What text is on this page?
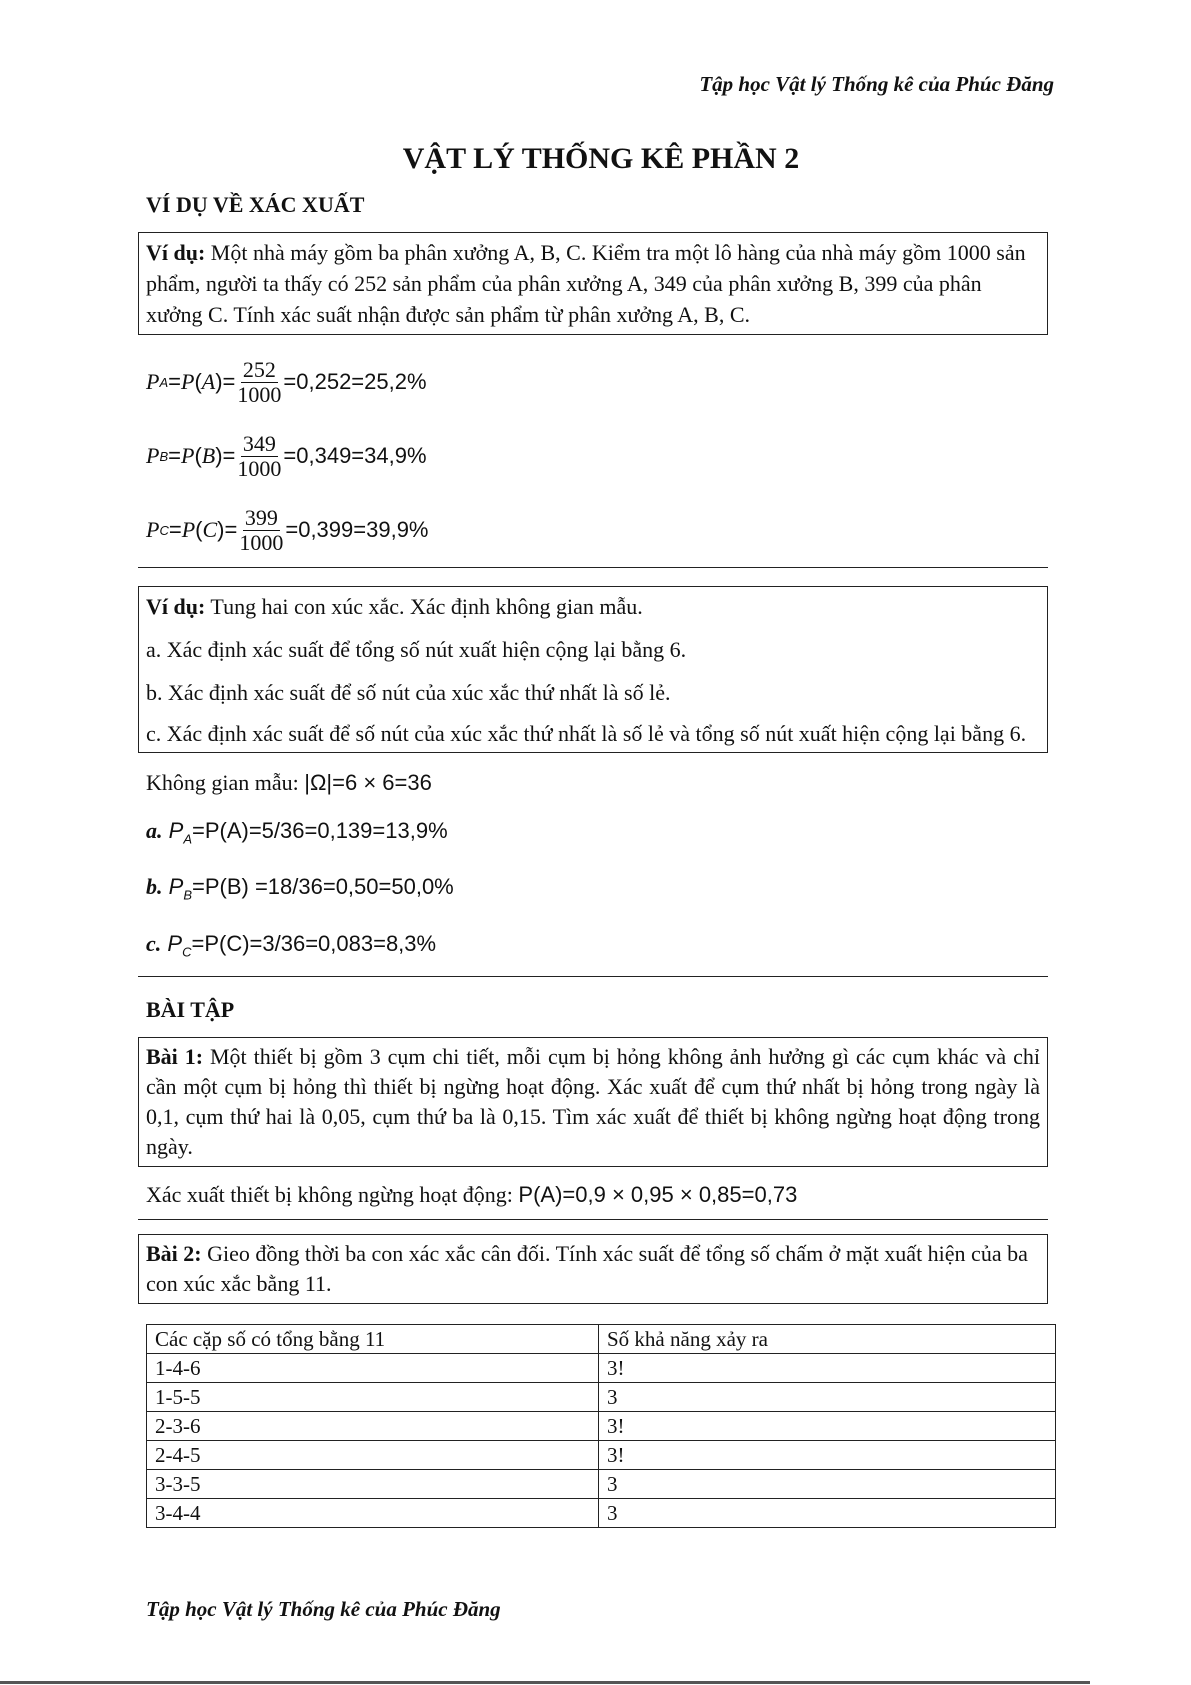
Tập học Vật lý Thống kê của Phúc Đăng
VẬT LÝ THỐNG KÊ PHẦN 2
VÍ DỤ VỀ XÁC XUẤT

Ví dụ: Một nhà máy gồm ba phân xưởng A, B, C. Kiểm tra một lô hàng của nhà máy gồm 1000 sản phẩm, người ta thấy có 252 sản phẩm của phân xưởng A, 349 của phân xưởng B, 399 của phân xưởng C. Tính xác suất nhận được sản phẩm từ phân xưởng A, B, C.

P A = P ( A )= $\frac{252}{1000} =0,252=25,2\%$
P B = P ( B )= $\frac{349}{1000} =0,349=34,9\%$
P C = P ( C )= $\frac{399}{1000} =0,399=39,9\%$

Ví dụ: Tung hai con xúc xắc. Xác định không gian mẫu.

a. Xác định xác suất để tổng số nút xuất hiện cộng lại bằng 6.

b. Xác định xác suất để số nút của xúc xắc thứ nhất là số lẻ.

c. Xác định xác suất để số nút của xúc xắc thứ nhất là số lẻ và tổng số nút xuất hiện cộng lại bằng 6.

Không gian mẫu: |Ω|=6 × 6=36
a. $P_A=P(A)=5/36=0,139=13,9\%$
b. $P_B=P(B) =18/36=0,50=50,0\%$
c. $P_C=P(C)=3/36=0,083=8,3\%$
BÀI TẬP

Bài 1: Một thiết bị gồm 3 cụm chi tiết, mỗi cụm bị hỏng không ảnh hưởng gì các cụm khác và chỉ cần một cụm bị hỏng thì thiết bị ngừng hoạt động. Xác xuất để cụm thứ nhất bị hỏng trong ngày là 0,1, cụm thứ hai là 0,05, cụm thứ ba là 0,15. Tìm xác xuất để thiết bị không ngừng hoạt động trong ngày.

Xác xuất thiết bị không ngừng hoạt động: P(A)=0,9 × 0,95 × 0,85=0,73

Bài 2: Gieo đồng thời ba con xác xắc cân đối. Tính xác suất để tổng số chấm ở mặt xuất hiện của ba con xúc xắc bằng 11.

Các cặp số có tổng bằng 11	Số khả năng xảy ra
1-4-6	3!
1-5-5	3
2-3-6	3!
2-4-5	3!
3-3-5	3
3-4-4	3
Tập học Vật lý Thống kê của Phúc Đăng
